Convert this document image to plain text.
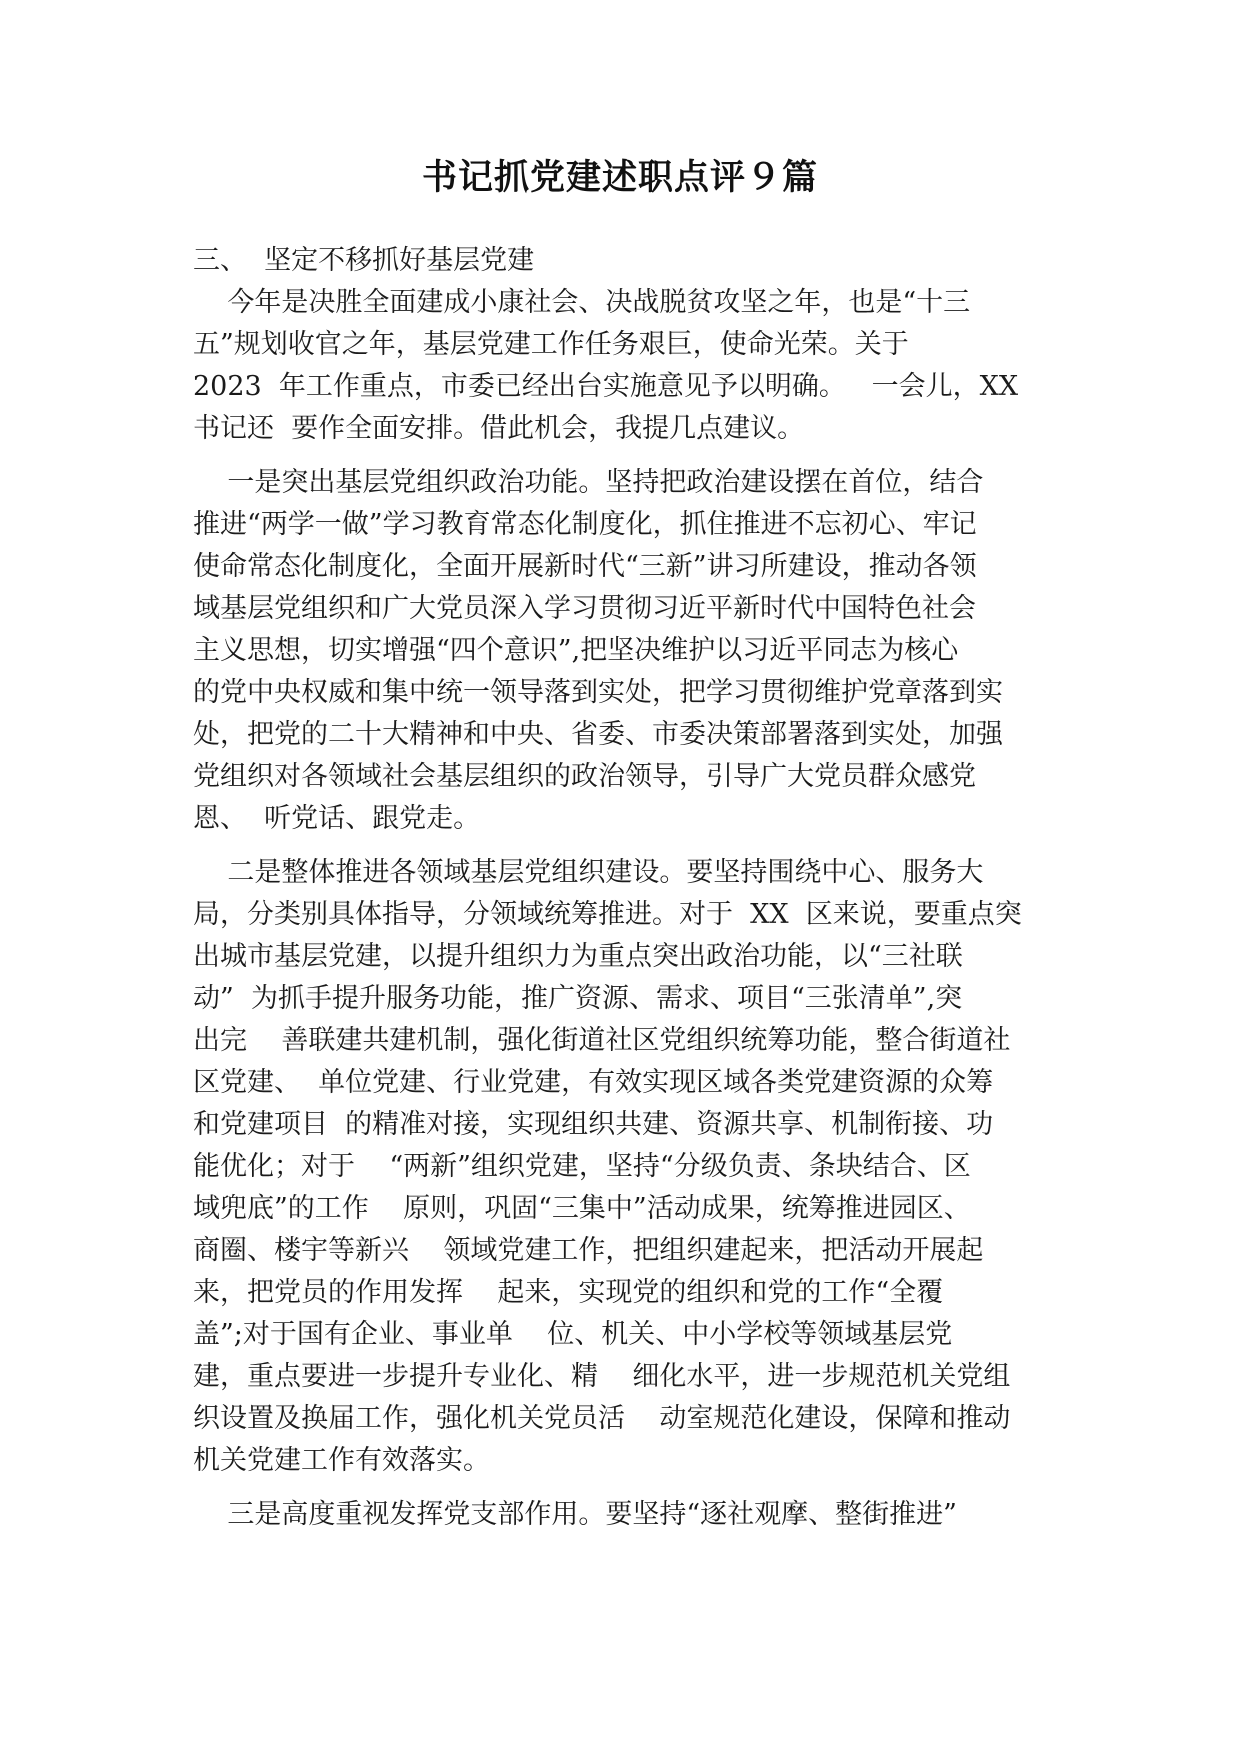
书记抓党建述职点评９篇
三、  坚定不移抓好基层党建
今年是决胜全面建成小康社会、决战脱贫攻坚之年，也是“十三
五”规划收官之年，基层党建工作任务艰巨，使命光荣。关于
2023  年工作重点，市委已经出台实施意见予以明确。   一会儿，XX
书记还  要作全面安排。借此机会，我提几点建议。
一是突出基层党组织政治功能。坚持把政治建设摆在首位，结合
推进“两学一做”学习教育常态化制度化，抓住推进不忘初心、牢记
使命常态化制度化，全面开展新时代“三新”讲习所建设，推动各领
域基层党组织和广大党员深入学习贯彻习近平新时代中国特色社会
主义思想，切实增强“四个意识”,把坚决维护以习近平同志为核心
的党中央权威和集中统一领导落到实处，把学习贯彻维护党章落到实
处，把党的二十大精神和中央、省委、市委决策部署落到实处，加强
党组织对各领域社会基层组织的政治领导，引导广大党员群众感党
恩、  听党话、跟党走。
二是整体推进各领域基层党组织建设。要坚持围绕中心、服务大
局，分类别具体指导，分领域统筹推进。对于  XX  区来说，要重点突
出城市基层党建，以提升组织力为重点突出政治功能，以“三社联
动”  为抓手提升服务功能，推广资源、需求、项目“三张清单”,突
出完    善联建共建机制，强化街道社区党组织统筹功能，整合街道社
区党建、  单位党建、行业党建，有效实现区域各类党建资源的众筹
和党建项目  的精准对接，实现组织共建、资源共享、机制衔接、功
能优化；对于    “两新”组织党建，坚持“分级负责、条块结合、区
域兜底”的工作    原则，巩固“三集中”活动成果，统筹推进园区、
商圈、楼宇等新兴    领域党建工作，把组织建起来，把活动开展起
来，把党员的作用发挥    起来，实现党的组织和党的工作“全覆
盖”;对于国有企业、事业单    位、机关、中小学校等领域基层党
建，重点要进一步提升专业化、精    细化水平，进一步规范机关党组
织设置及换届工作，强化机关党员活    动室规范化建设，保障和推动
机关党建工作有效落实。
三是高度重视发挥党支部作用。要坚持“逐社观摩、整街推进”
